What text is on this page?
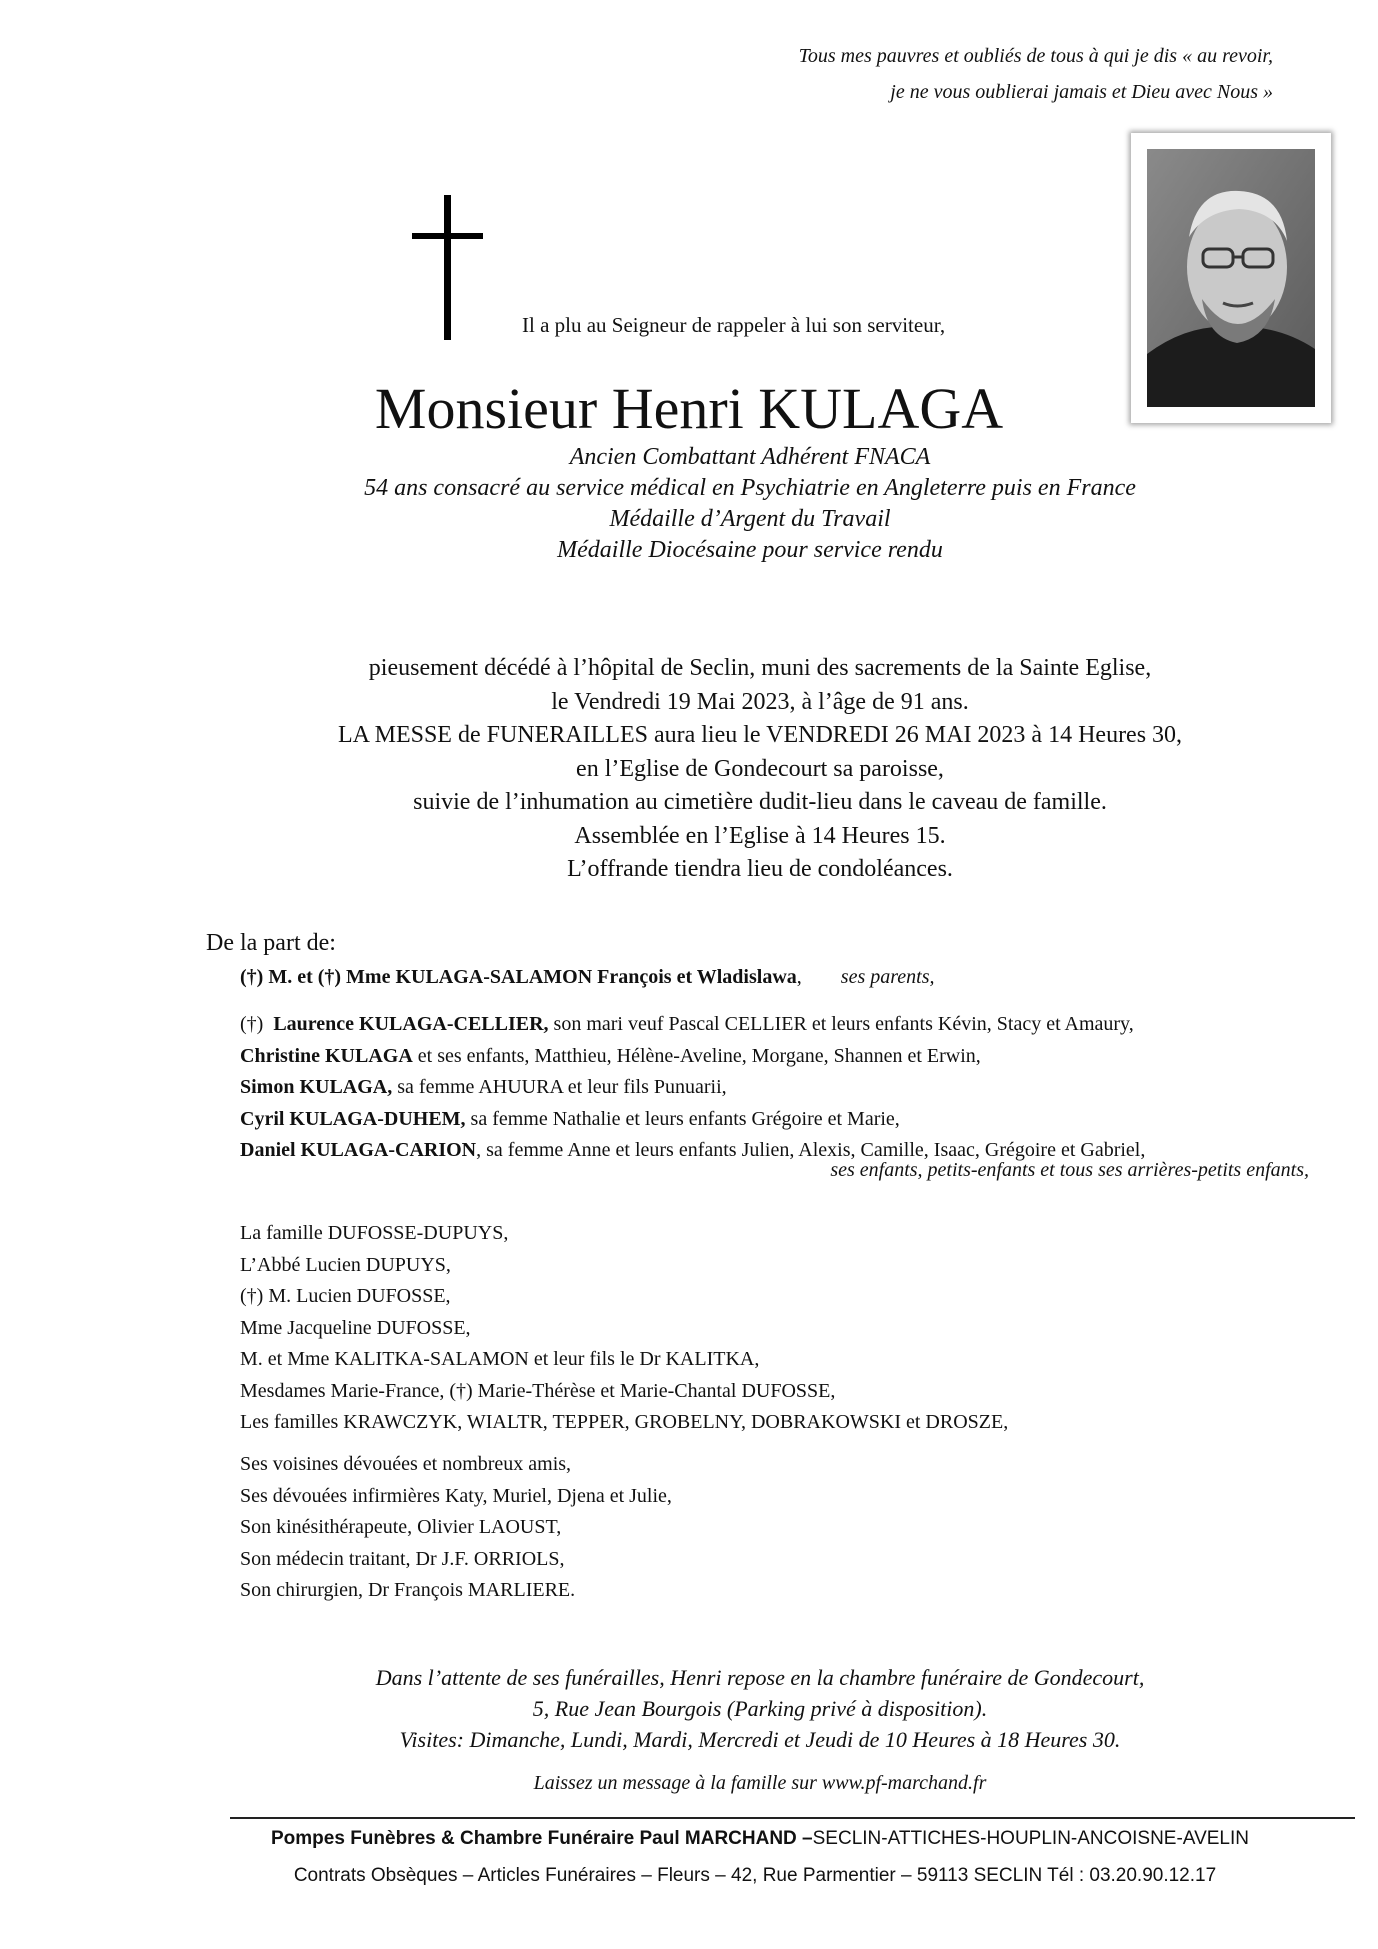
Tous mes pauvres et oubliés de tous à qui je dis « au revoir,
je ne vous oublierai jamais et Dieu avec Nous »
Il a plu au Seigneur de rappeler à lui son serviteur,
Monsieur Henri KULAGA
Ancien Combattant Adhérent FNACA
54 ans consacré au service médical en Psychiatrie en Angleterre puis en France
Médaille d’Argent du Travail
Médaille Diocésaine pour service rendu
pieusement décédé à l’hôpital de Seclin, muni des sacrements de la Sainte Eglise,
le Vendredi 19 Mai 2023, à l’âge de 91 ans.
LA MESSE de FUNERAILLES aura lieu le VENDREDI 26 MAI 2023 à 14 Heures 30,
en l’Eglise de Gondecourt sa paroisse,
suivie de l’inhumation au cimetière dudit-lieu dans le caveau de famille.
Assemblée en l’Eglise à 14 Heures 15.
L’offrande tiendra lieu de condoléances.
De la part de:
(†) M. et (†) Mme KULAGA-SALAMON François et Wladislawa, ses parents,
(†)  Laurence KULAGA-CELLIER, son mari veuf Pascal CELLIER et leurs enfants Kévin, Stacy et Amaury,
Christine KULAGA et ses enfants, Matthieu, Hélène-Aveline, Morgane, Shannen et Erwin,
Simon KULAGA, sa femme AHUURA et leur fils Punuarii,
Cyril KULAGA-DUHEM, sa femme Nathalie et leurs enfants Grégoire et Marie,
Daniel KULAGA-CARION, sa femme Anne et leurs enfants Julien, Alexis, Camille, Isaac, Grégoire et Gabriel,
ses enfants, petits-enfants et tous ses arrières-petits enfants,
La famille DUFOSSE-DUPUYS,
L’Abbé Lucien DUPUYS,
(†) M. Lucien DUFOSSE,
Mme Jacqueline DUFOSSE,
M. et Mme KALITKA-SALAMON et leur fils le Dr KALITKA,
Mesdames Marie-France, (†) Marie-Thérèse et Marie-Chantal DUFOSSE,
Les familles KRAWCZYK, WIALTR, TEPPER, GROBELNY, DOBRAKOWSKI et DROSZE,
Ses voisines dévouées et nombreux amis,
Ses dévouées infirmières Katy, Muriel, Djena et Julie,
Son kinésithérapeute, Olivier LAOUST,
Son médecin traitant, Dr J.F. ORRIOLS,
Son chirurgien, Dr François MARLIERE.
Dans l’attente de ses funérailles, Henri repose en la chambre funéraire de Gondecourt,
5, Rue Jean Bourgois (Parking privé à disposition).
Visites: Dimanche, Lundi, Mardi, Mercredi et Jeudi de 10 Heures à 18 Heures 30.
Laissez un message à la famille sur www.pf-marchand.fr
Pompes Funèbres & Chambre Funéraire Paul MARCHAND –SECLIN-ATTICHES-HOUPLIN-ANCOISNE-AVELIN
Contrats Obsèques – Articles Funéraires – Fleurs – 42, Rue Parmentier – 59113 SECLIN Tél : 03.20.90.12.17
